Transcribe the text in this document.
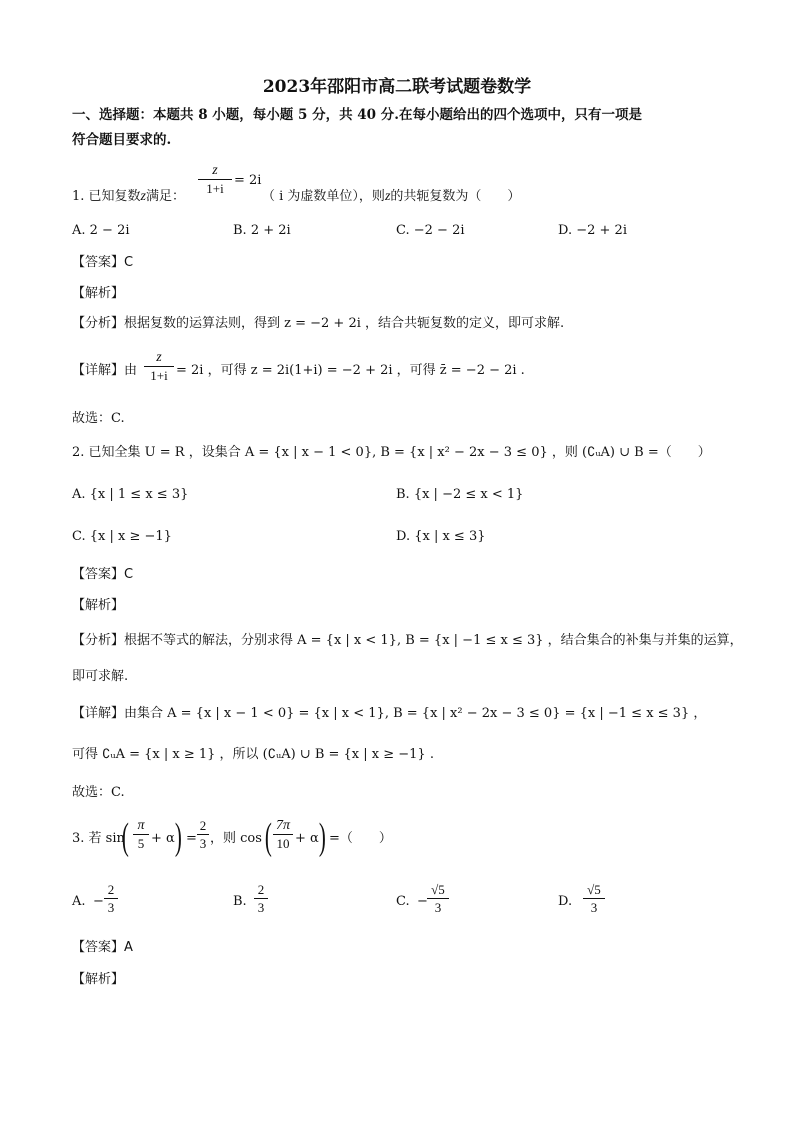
2023年邵阳市高二联考试题卷数学
一、选择题：本题共 8 小题，每小题 5 分，共 40 分.在每小题给出的四个选项中，只有一项是
符合题目要求的.
z
1+i
1. 已知复数z满足：
= 2i
（ i 为虚数单位），则z的共轭复数为（　　）
A. 2 − 2i	B. 2 + 2i	C. −2 − 2i	D. −2 + 2i
【答案】C
【解析】
【分析】根据复数的运算法则，得到 z = −2 + 2i ，结合共轭复数的定义，即可求解.
【详解】由
z
1+i = 2i ，可得 z = 2i(1+i) = −2 + 2i ，可得 z̄ = −2 − 2i .
故选：C.
2. 已知全集 U = R ，设集合 A = {x | x − 1 < 0}, B = {x | x² − 2x − 3 ≤ 0} ，则 (∁ᵤA) ∪ B =（　　）
A. {x | 1 ≤ x ≤ 3}	B. {x | −2 ≤ x < 1}
C. {x | x ≥ −1}	D. {x | x ≤ 3}
【答案】C
【解析】
【分析】根据不等式的解法，分别求得 A = {x | x < 1}, B = {x | −1 ≤ x ≤ 3} ，结合集合的补集与并集的运算，
即可求解.
【详解】由集合 A = {x | x − 1 < 0} = {x | x < 1}, B = {x | x² − 2x − 3 ≤ 0} = {x | −1 ≤ x ≤ 3} ，
可得 ∁ᵤA = {x | x ≥ 1} ，所以 (∁ᵤA) ∪ B = {x | x ≥ −1} .
故选：C.
3. 若 sin
( π
5 + α ) =
2
3 ，则 cos ( 7π
10 + α ) =（　　）
A. −
2
3	B.
2
3	C. −
√5
3	D.
√5
3
【答案】A
【解析】
